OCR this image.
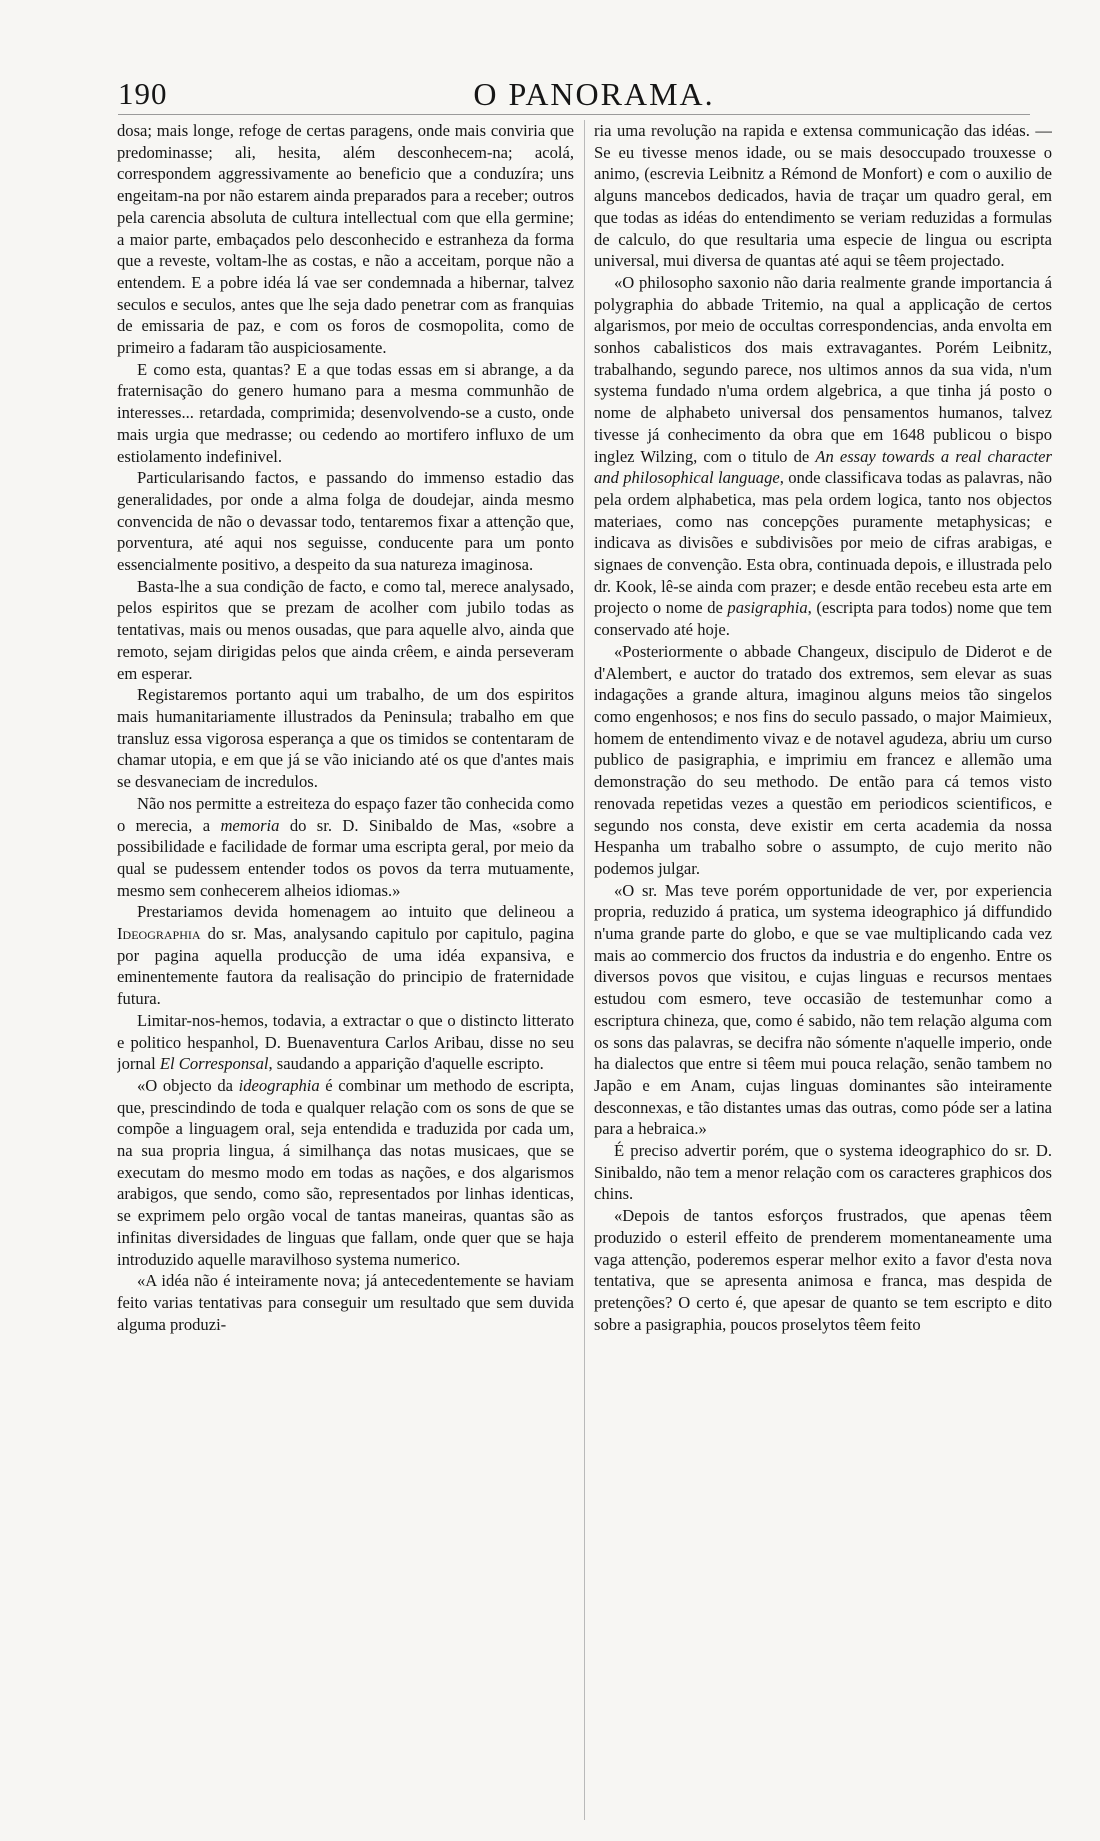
190	O PANORAMA.

dosa; mais longe, refoge de certas paragens, onde mais conviria que predominasse; ali, hesita, além desconhecem-na; acolá, correspondem aggressivamente ao beneficio que a conduzíra; uns engeitam-na por não estarem ainda preparados para a receber; outros pela carencia absoluta de cultura intellectual com que ella germine; a maior parte, embaçados pelo desconhecido e estranheza da forma que a reveste, voltam-lhe as costas, e não a acceitam, porque não a entendem. E a pobre idéa lá vae ser condemnada a hibernar, talvez seculos e seculos, antes que lhe seja dado penetrar com as franquias de emissaria de paz, e com os foros de cosmopolita, como de primeiro a fadaram tão auspiciosamente.

E como esta, quantas? E a que todas essas em si abrange, a da fraternisação do genero humano para a mesma communhão de interesses... retardada, comprimida; desenvolvendo-se a custo, onde mais urgia que medrasse; ou cedendo ao mortifero influxo de um estiolamento indefinivel.

Particularisando factos, e passando do immenso estadio das generalidades, por onde a alma folga de doudejar, ainda mesmo convencida de não o devassar todo, tentaremos fixar a attenção que, porventura, até aqui nos seguisse, conducente para um ponto essencialmente positivo, a despeito da sua natureza imaginosa.

Basta-lhe a sua condição de facto, e como tal, merece analysado, pelos espiritos que se prezam de acolher com jubilo todas as tentativas, mais ou menos ousadas, que para aquelle alvo, ainda que remoto, sejam dirigidas pelos que ainda crêem, e ainda perseveram em esperar.

Registaremos portanto aqui um trabalho, de um dos espiritos mais humanitariamente illustrados da Peninsula; trabalho em que transluz essa vigorosa esperança a que os timidos se contentaram de chamar utopia, e em que já se vão iniciando até os que d'antes mais se desvaneciam de incredulos.

Não nos permitte a estreiteza do espaço fazer tão conhecida como o merecia, a memoria do sr. D. Sinibaldo de Mas, «sobre a possibilidade e facilidade de formar uma escripta geral, por meio da qual se pudessem entender todos os povos da terra mutuamente, mesmo sem conhecerem alheios idiomas.»

Prestariamos devida homenagem ao intuito que delineou a Ideographia do sr. Mas, analysando capitulo por capitulo, pagina por pagina aquella producção de uma idéa expansiva, e eminentemente fautora da realisação do principio de fraternidade futura.

Limitar-nos-hemos, todavia, a extractar o que o distincto litterato e politico hespanhol, D. Buenaventura Carlos Aribau, disse no seu jornal El Corresponsal, saudando a apparição d'aquelle escripto.

«O objecto da ideographia é combinar um methodo de escripta, que, prescindindo de toda e qualquer relação com os sons de que se compõe a linguagem oral, seja entendida e traduzida por cada um, na sua propria lingua, á similhança das notas musicaes, que se executam do mesmo modo em todas as nações, e dos algarismos arabigos, que sendo, como são, representados por linhas identicas, se exprimem pelo orgão vocal de tantas maneiras, quantas são as infinitas diversidades de linguas que fallam, onde quer que se haja introduzido aquelle maravilhoso systema numerico.

«A idéa não é inteiramente nova; já antecedentemente se haviam feito varias tentativas para conseguir um resultado que sem duvida alguma produzi-

ria uma revolução na rapida e extensa communicação das idéas. — Se eu tivesse menos idade, ou se mais desoccupado trouxesse o animo, (escrevia Leibnitz a Rémond de Monfort) e com o auxilio de alguns mancebos dedicados, havia de traçar um quadro geral, em que todas as idéas do entendimento se veriam reduzidas a formulas de calculo, do que resultaria uma especie de lingua ou escripta universal, mui diversa de quantas até aqui se têem projectado.

«O philosopho saxonio não daria realmente grande importancia á polygraphia do abbade Tritemio, na qual a applicação de certos algarismos, por meio de occultas correspondencias, anda envolta em sonhos cabalisticos dos mais extravagantes. Porém Leibnitz, trabalhando, segundo parece, nos ultimos annos da sua vida, n'um systema fundado n'uma ordem algebrica, a que tinha já posto o nome de alphabeto universal dos pensamentos humanos, talvez tivesse já conhecimento da obra que em 1648 publicou o bispo inglez Wilzing, com o titulo de An essay towards a real character and philosophical language, onde classificava todas as palavras, não pela ordem alphabetica, mas pela ordem logica, tanto nos objectos materiaes, como nas concepções puramente metaphysicas; e indicava as divisões e subdivisões por meio de cifras arabigas, e signaes de convenção. Esta obra, continuada depois, e illustrada pelo dr. Kook, lê-se ainda com prazer; e desde então recebeu esta arte em projecto o nome de pasigraphia, (escripta para todos) nome que tem conservado até hoje.

«Posteriormente o abbade Changeux, discipulo de Diderot e de d'Alembert, e auctor do tratado dos extremos, sem elevar as suas indagações a grande altura, imaginou alguns meios tão singelos como engenhosos; e nos fins do seculo passado, o major Maimieux, homem de entendimento vivaz e de notavel agudeza, abriu um curso publico de pasigraphia, e imprimiu em francez e allemão uma demonstração do seu methodo. De então para cá temos visto renovada repetidas vezes a questão em periodicos scientificos, e segundo nos consta, deve existir em certa academia da nossa Hespanha um trabalho sobre o assumpto, de cujo merito não podemos julgar.

«O sr. Mas teve porém opportunidade de ver, por experiencia propria, reduzido á pratica, um systema ideographico já diffundido n'uma grande parte do globo, e que se vae multiplicando cada vez mais ao commercio dos fructos da industria e do engenho. Entre os diversos povos que visitou, e cujas linguas e recursos mentaes estudou com esmero, teve occasião de testemunhar como a escriptura chineza, que, como é sabido, não tem relação alguma com os sons das palavras, se decifra não sómente n'aquelle imperio, onde ha dialectos que entre si têem mui pouca relação, senão tambem no Japão e em Anam, cujas linguas dominantes são inteiramente desconnexas, e tão distantes umas das outras, como póde ser a latina para a hebraica.»

É preciso advertir porém, que o systema ideographico do sr. D. Sinibaldo, não tem a menor relação com os caracteres graphicos dos chins.

«Depois de tantos esforços frustrados, que apenas têem produzido o esteril effeito de prenderem momentaneamente uma vaga attenção, poderemos esperar melhor exito a favor d'esta nova tentativa, que se apresenta animosa e franca, mas despida de pretenções? O certo é, que apesar de quanto se tem escripto e dito sobre a pasigraphia, poucos proselytos têem feito
